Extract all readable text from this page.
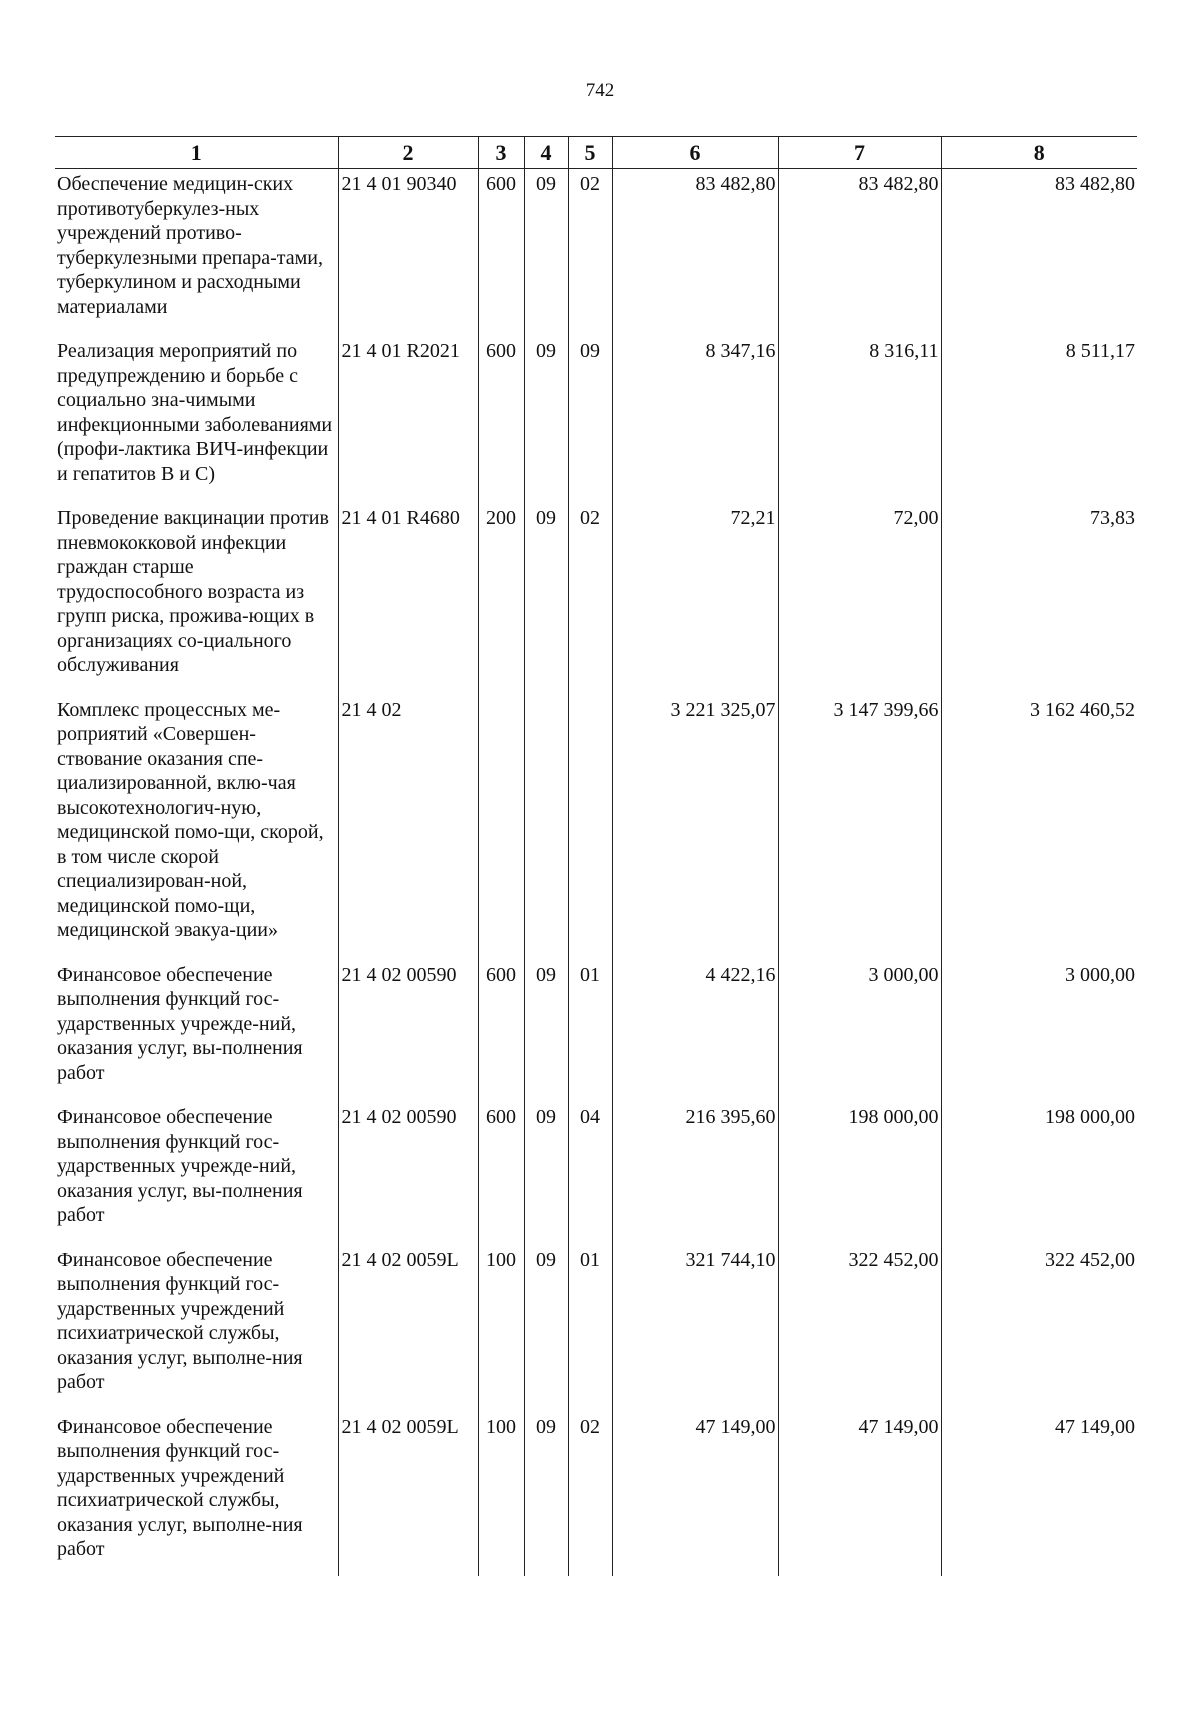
742
1	2	3	4	5	6	7	8
Обеспечение медицин-ских противотуберкулез-ных учреждений противо-туберкулезными препара-тами, туберкулином и расходными материалами	21 4 01 90340	600	09	02	83 482,80	83 482,80	83 482,80
Реализация мероприятий по предупреждению и борьбе с социально зна-чимыми инфекционными заболеваниями (профи-лактика ВИЧ-инфекции и гепатитов В и С)	21 4 01 R2021	600	09	09	8 347,16	8 316,11	8 511,17
Проведение вакцинации против пневмококковой инфекции граждан старше трудоспособного возраста из групп риска, прожива-ющих в организациях со-циального обслуживания	21 4 01 R4680	200	09	02	72,21	72,00	73,83
Комплекс процессных ме-роприятий «Совершен-ствование оказания спе-циализированной, вклю-чая высокотехнологич-ную, медицинской помо-щи, скорой, в том числе скорой специализирован-ной, медицинской помо-щи, медицинской эвакуа-ции»	21 4 02				3 221 325,07	3 147 399,66	3 162 460,52
Финансовое обеспечение выполнения функций гос-ударственных учрежде-ний, оказания услуг, вы-полнения работ	21 4 02 00590	600	09	01	4 422,16	3 000,00	3 000,00
Финансовое обеспечение выполнения функций гос-ударственных учрежде-ний, оказания услуг, вы-полнения работ	21 4 02 00590	600	09	04	216 395,60	198 000,00	198 000,00
Финансовое обеспечение выполнения функций гос-ударственных учреждений психиатрической службы, оказания услуг, выполне-ния работ	21 4 02 0059L	100	09	01	321 744,10	322 452,00	322 452,00
Финансовое обеспечение выполнения функций гос-ударственных учреждений психиатрической службы, оказания услуг, выполне-ния работ	21 4 02 0059L	100	09	02	47 149,00	47 149,00	47 149,00
